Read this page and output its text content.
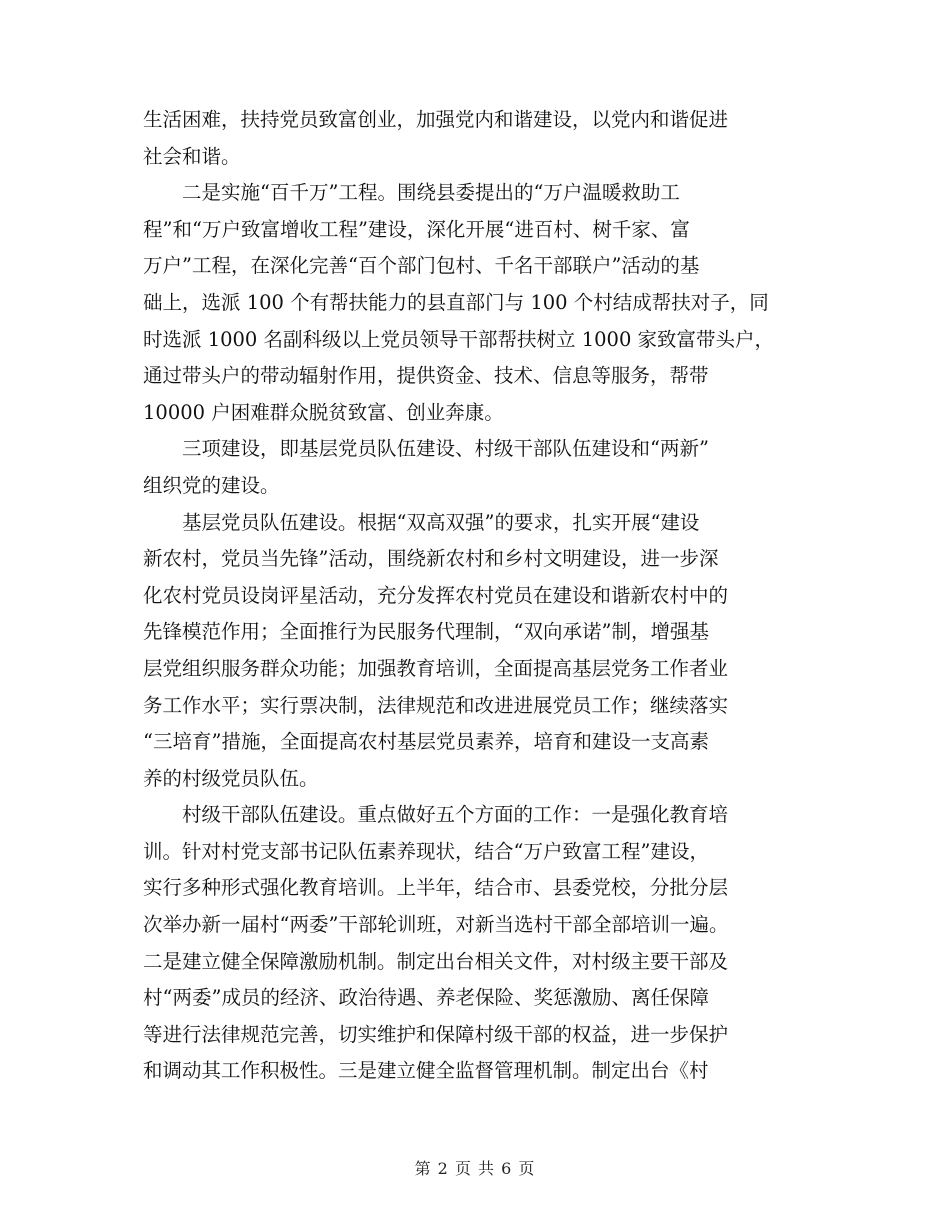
生活困难，扶持党员致富创业，加强党内和谐建设，以党内和谐促进
社会和谐。
　　二是实施“百千万”工程。围绕县委提出的“万户温暖救助工
程”和“万户致富增收工程”建设，深化开展“进百村、树千家、富
万户”工程，在深化完善“百个部门包村、千名干部联户”活动的基
础上，选派 100 个有帮扶能力的县直部门与 100 个村结成帮扶对子，同
时选派 1000 名副科级以上党员领导干部帮扶树立 1000 家致富带头户，
通过带头户的带动辐射作用，提供资金、技术、信息等服务，帮带
10000 户困难群众脱贫致富、创业奔康。
　　三项建设，即基层党员队伍建设、村级干部队伍建设和“两新”
组织党的建设。
　　基层党员队伍建设。根据“双高双强”的要求，扎实开展“建设
新农村，党员当先锋”活动，围绕新农村和乡村文明建设，进一步深
化农村党员设岗评星活动，充分发挥农村党员在建设和谐新农村中的
先锋模范作用；全面推行为民服务代理制，“双向承诺”制，增强基
层党组织服务群众功能；加强教育培训，全面提高基层党务工作者业
务工作水平；实行票决制，法律规范和改进进展党员工作；继续落实
“三培育”措施，全面提高农村基层党员素养，培育和建设一支高素
养的村级党员队伍。
　　村级干部队伍建设。重点做好五个方面的工作：一是强化教育培
训。针对村党支部书记队伍素养现状，结合“万户致富工程”建设，
实行多种形式强化教育培训。上半年，结合市、县委党校，分批分层
次举办新一届村“两委”干部轮训班，对新当选村干部全部培训一遍。
二是建立健全保障激励机制。制定出台相关文件，对村级主要干部及
村“两委”成员的经济、政治待遇、养老保险、奖惩激励、离任保障
等进行法律规范完善，切实维护和保障村级干部的权益，进一步保护
和调动其工作积极性。三是建立健全监督管理机制。制定出台《村
第 2 页 共 6 页
